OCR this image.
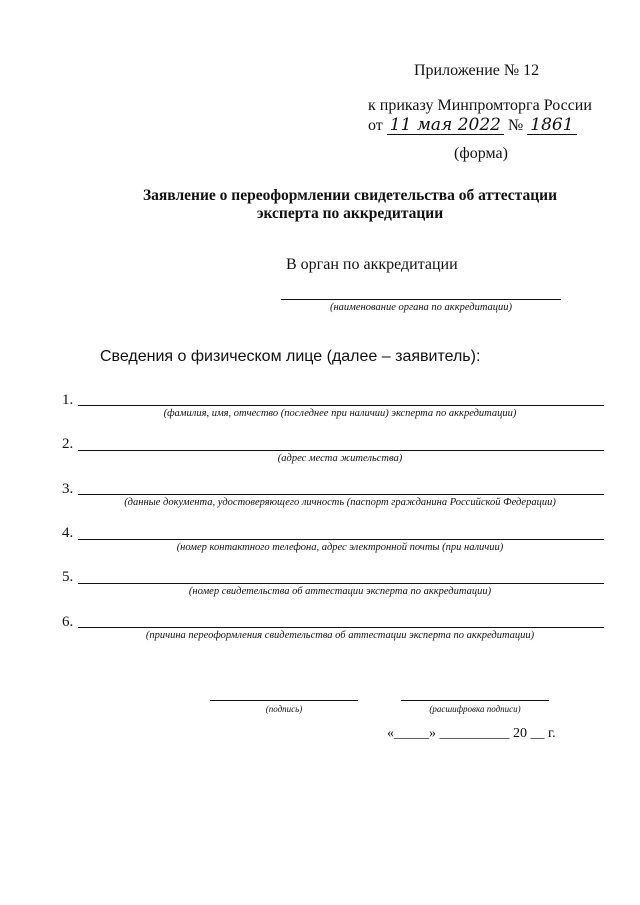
Приложение № 12
к приказу Минпромторга России
от 11 мая 2022 № 1861
(форма)
Заявление о переоформлении свидетельства об аттестации
эксперта по аккредитации
В орган по аккредитации
(наименование органа по аккредитации)
Сведения о физическом лице (далее – заявитель):
1.
(фамилия, имя, отчество (последнее при наличии) эксперта по аккредитации)
2.
(адрес места жительства)
3.
(данные документа, удостоверяющего личность (паспорт гражданина Российской Федерации)
4.
(номер контактного телефона, адрес электронной почты (при наличии)
5.
(номер свидетельства об аттестации эксперта по аккредитации)
6.
(причина переоформления свидетельства об аттестации эксперта по аккредитации)
(подпись)	(расшифровка подписи)
«_____» __________ 20 __ г.
